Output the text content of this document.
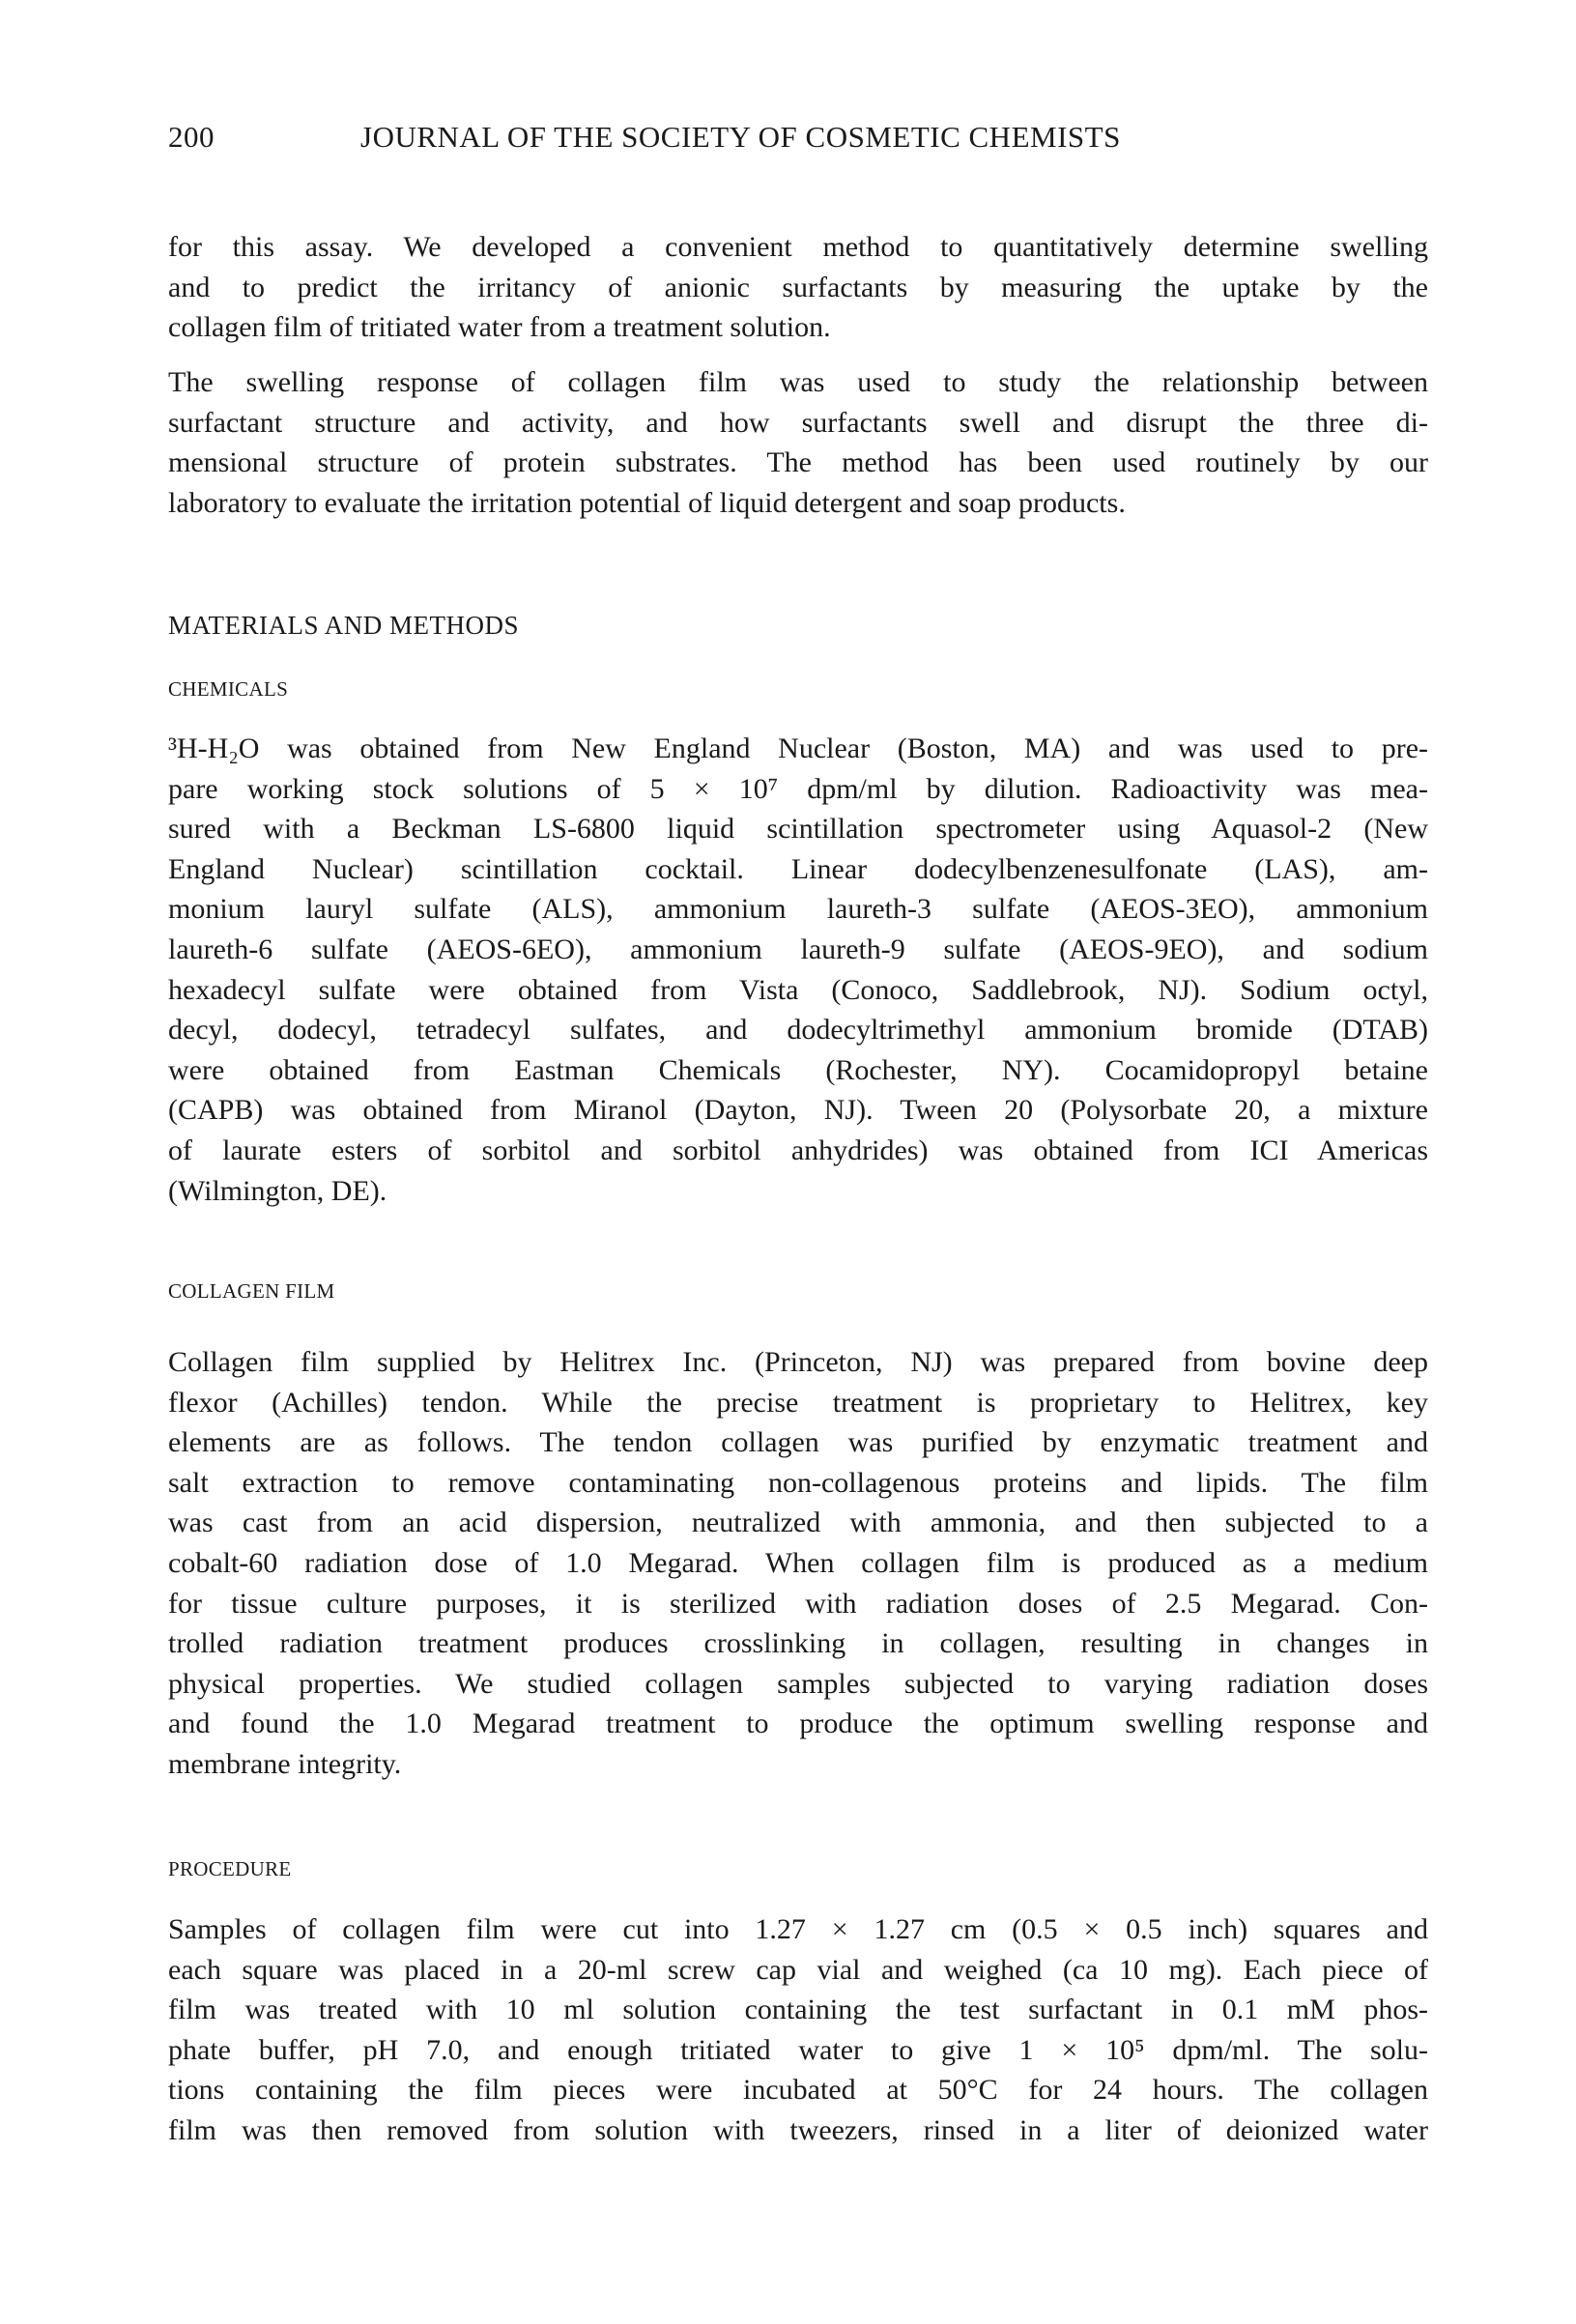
200	JOURNAL OF THE SOCIETY OF COSMETIC CHEMISTS
for this assay. We developed a convenient method to quantitatively determine swelling
and to predict the irritancy of anionic surfactants by measuring the uptake by the
collagen film of tritiated water from a treatment solution.
The swelling response of collagen film was used to study the relationship between
surfactant structure and activity, and how surfactants swell and disrupt the three di-
mensional structure of protein substrates. The method has been used routinely by our
laboratory to evaluate the irritation potential of liquid detergent and soap products.
MATERIALS AND METHODS
CHEMICALS
³H-H₂O was obtained from New England Nuclear (Boston, MA) and was used to pre-
pare working stock solutions of 5 × 10⁷ dpm/ml by dilution. Radioactivity was mea-
sured with a Beckman LS-6800 liquid scintillation spectrometer using Aquasol-2 (New
England Nuclear) scintillation cocktail. Linear dodecylbenzenesulfonate (LAS), am-
monium lauryl sulfate (ALS), ammonium laureth-3 sulfate (AEOS-3EO), ammonium
laureth-6 sulfate (AEOS-6EO), ammonium laureth-9 sulfate (AEOS-9EO), and sodium
hexadecyl sulfate were obtained from Vista (Conoco, Saddlebrook, NJ). Sodium octyl,
decyl, dodecyl, tetradecyl sulfates, and dodecyltrimethyl ammonium bromide (DTAB)
were obtained from Eastman Chemicals (Rochester, NY). Cocamidopropyl betaine
(CAPB) was obtained from Miranol (Dayton, NJ). Tween 20 (Polysorbate 20, a mixture
of laurate esters of sorbitol and sorbitol anhydrides) was obtained from ICI Americas
(Wilmington, DE).
COLLAGEN FILM
Collagen film supplied by Helitrex Inc. (Princeton, NJ) was prepared from bovine deep
flexor (Achilles) tendon. While the precise treatment is proprietary to Helitrex, key
elements are as follows. The tendon collagen was purified by enzymatic treatment and
salt extraction to remove contaminating non-collagenous proteins and lipids. The film
was cast from an acid dispersion, neutralized with ammonia, and then subjected to a
cobalt-60 radiation dose of 1.0 Megarad. When collagen film is produced as a medium
for tissue culture purposes, it is sterilized with radiation doses of 2.5 Megarad. Con-
trolled radiation treatment produces crosslinking in collagen, resulting in changes in
physical properties. We studied collagen samples subjected to varying radiation doses
and found the 1.0 Megarad treatment to produce the optimum swelling response and
membrane integrity.
PROCEDURE
Samples of collagen film were cut into 1.27 × 1.27 cm (0.5 × 0.5 inch) squares and
each square was placed in a 20-ml screw cap vial and weighed (ca 10 mg). Each piece of
film was treated with 10 ml solution containing the test surfactant in 0.1 mM phos-
phate buffer, pH 7.0, and enough tritiated water to give 1 × 10⁵ dpm/ml. The solu-
tions containing the film pieces were incubated at 50°C for 24 hours. The collagen
film was then removed from solution with tweezers, rinsed in a liter of deionized water
